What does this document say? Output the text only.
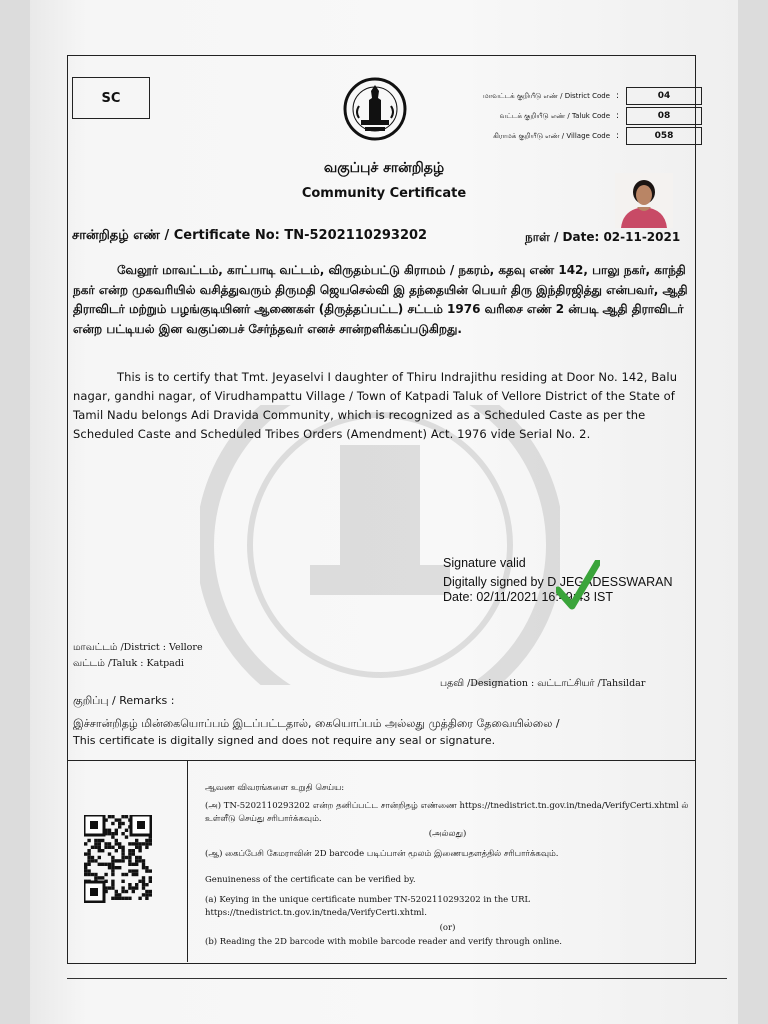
SC	மாவட்டக் குறியீடு எண் / District Code :	04
வட்டக் குறியீடு எண் / Taluk Code :	08
கிராமக் குறியீடு எண் / Village Code :	058
வகுப்புச் சான்றிதழ்
Community Certificate
சான்றிதழ் எண் / Certificate No: TN-5202110293202	நாள் / Date: 02-11-2021
வேலூர் மாவட்டம், காட்பாடி வட்டம், விருதம்பட்டு கிராமம் / நகரம், கதவு எண் 142, பாலு நகர், காந்தி நகர் என்ற முகவரியில் வசித்துவரும் திருமதி ஜெயசெல்வி இ தந்தையின் பெயர் திரு இந்திரஜித்து என்பவர், ஆதி திராவிடர் மற்றும் பழங்குடியினர் ஆணைகள் (திருத்தப்பட்ட) சட்டம் 1976 வரிசை எண் 2 ன்படி ஆதி திராவிடர் என்ற பட்டியல் இன வகுப்பைச் சேர்ந்தவர் எனச் சான்றளிக்கப்படுகிறது.
This is to certify that Tmt. Jeyaselvi I daughter of Thiru Indrajithu residing at Door No. 142, Balu nagar, gandhi nagar, of Virudhampattu Village / Town of Katpadi Taluk of Vellore District of the State of Tamil Nadu belongs Adi Dravida Community, which is recognized as a Scheduled Caste as per the Scheduled Caste and Scheduled Tribes Orders (Amendment) Act. 1976 vide Serial No. 2.
Signature valid
Digitally signed by D JEGADESSWARAN
Date: 02/11/2021 16:49:43 IST
மாவட்டம் /District : Vellore
வட்டம் /Taluk : Katpadi
பதவி /Designation : வட்டாட்சியர் /Tahsildar
குறிப்பு / Remarks :
இச்சான்றிதழ் மின்கையொப்பம் இடப்பட்டதால், கையொப்பம் அல்லது முத்திரை தேவையில்லை /
This certificate is digitally signed and does not require any seal or signature.
ஆவண விவரங்களை உறுதி செய்ய:
(அ) TN-5202110293202 என்ற தனிப்பட்ட சான்றிதழ் எண்ணை https://tnedistrict.tn.gov.in/tneda/VerifyCerti.xhtml ல் உள்ளீடு செய்து சரிபார்க்கவும்.
(அல்லது)
(ஆ) கைப்பேசி கேமராவின் 2D barcode படிப்பான் மூலம் இணையதளத்தில் சரிபார்க்கவும்.
Genuineness of the certificate can be verified by.
(a) Keying in the unique certificate number TN-5202110293202 in the URL https://tnedistrict.tn.gov.in/tneda/VerifyCerti.xhtml.
(or)
(b) Reading the 2D barcode with mobile barcode reader and verify through online.
